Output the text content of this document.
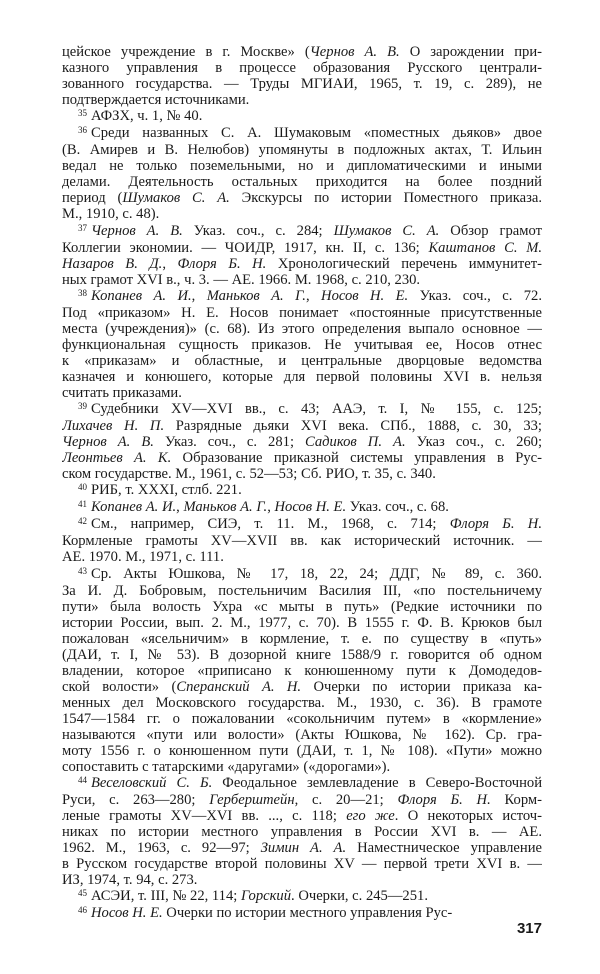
цейское учреждение в г. Москве» (Чернов А. В. О зарождении при-
казного управления в процессе образования Русского централи-
зованного государства. — Труды МГИАИ, 1965, т. 19, с. 289), не
подтверждается источниками.
$^{35}$ АФЗХ, ч. 1, № 40.
$^{36}$ Среди названных С. А. Шумаковым «поместных дьяков» двое
(В. Амирев и В. Нелюбов) упомянуты в подложных актах, Т. Ильин
ведал не только поземельными, но и дипломатическими и иными
делами. Деятельность остальных приходится на более поздний
период (Шумаков С. А. Экскурсы по истории Поместного приказа.
М., 1910, с. 48).
$^{37}$ Чернов А. В. Указ. соч., с. 284; Шумаков С. А. Обзор грамот
Коллегии экономии. — ЧОИДР, 1917, кн. II, с. 136; Каштанов С. М.
Назаров В. Д., Флоря Б. Н. Хронологический перечень иммунитет-
ных грамот XVI в., ч. 3. — АЕ. 1966. М. 1968, с. 210, 230.
$^{38}$ Копанев А. И., Маньков А. Г., Носов Н. Е. Указ. соч., с. 72.
Под «приказом» Н. Е. Носов понимает «постоянные присутственные
места (учреждения)» (с. 68). Из этого определения выпало основное —
функциональная сущность приказов. Не учитывая ее, Носов отнес
к «приказам» и областные, и центральные дворцовые ведомства
казначея и конюшего, которые для первой половины XVI в. нельзя
считать приказами.
$^{39}$ Судебники XV—XVI вв., с. 43; ААЭ, т. I, № 155, с. 125;
Лихачев Н. П. Разрядные дьяки XVI века. СПб., 1888, с. 30, 33;
Чернов А. В. Указ. соч., с. 281; Садиков П. А. Указ соч., с. 260;
Леонтьев А. К. Образование приказной системы управления в Рус-
ском государстве. М., 1961, с. 52—53; Сб. РИО, т. 35, с. 340.
$^{40}$ РИБ, т. XXXI, стлб. 221.
$^{41}$ Копанев А. И., Маньков А. Г., Носов Н. Е. Указ. соч., с. 68.
$^{42}$ См., например, СИЭ, т. 11. М., 1968, с. 714; Флоря Б. Н.
Кормленые грамоты XV—XVII вв. как исторический источник. —
АЕ. 1970. М., 1971, с. 111.
$^{43}$ Ср. Акты Юшкова, № 17, 18, 22, 24; ДДГ, № 89, с. 360.
За И. Д. Бобровым, постельничим Василия III, «по постельничему
пути» была волость Ухра «с мыты в путь» (Редкие источники по
истории России, вып. 2. М., 1977, с. 70). В 1555 г. Ф. В. Крюков был
пожалован «ясельничим» в кормление, т. е. по существу в «путь»
(ДАИ, т. I, № 53). В дозорной книге 1588/9 г. говорится об одном
владении, которое «приписано к конюшенному пути к Домодедов-
ской волости» (Сперанский А. Н. Очерки по истории приказа ка-
менных дел Московского государства. М., 1930, с. 36). В грамоте
1547—1584 гг. о пожаловании «сокольничим путем» в «кормление»
называются «пути или волости» (Акты Юшкова, № 162). Ср. гра-
моту 1556 г. о конюшенном пути (ДАИ, т. 1, № 108). «Пути» можно
сопоставить с татарскими «даругами» («дорогами»).
$^{44}$ Веселовский С. Б. Феодальное землевладение в Северо-Восточной
Руси, с. 263—280; Герберштейн, с. 20—21; Флоря Б. Н. Корм-
леные грамоты XV—XVI вв. ..., с. 118; его же. О некоторых источ-
никах по истории местного управления в России XVI в. — АЕ.
1962. М., 1963, с. 92—97; Зимин А. А. Наместническое управление
в Русском государстве второй половины XV — первой трети XVI в. —
ИЗ, 1974, т. 94, с. 273.
$^{45}$ АСЭИ, т. III, № 22, 114; Горский. Очерки, с. 245—251.
$^{46}$ Носов Н. Е. Очерки по истории местного управления Рус-
317
